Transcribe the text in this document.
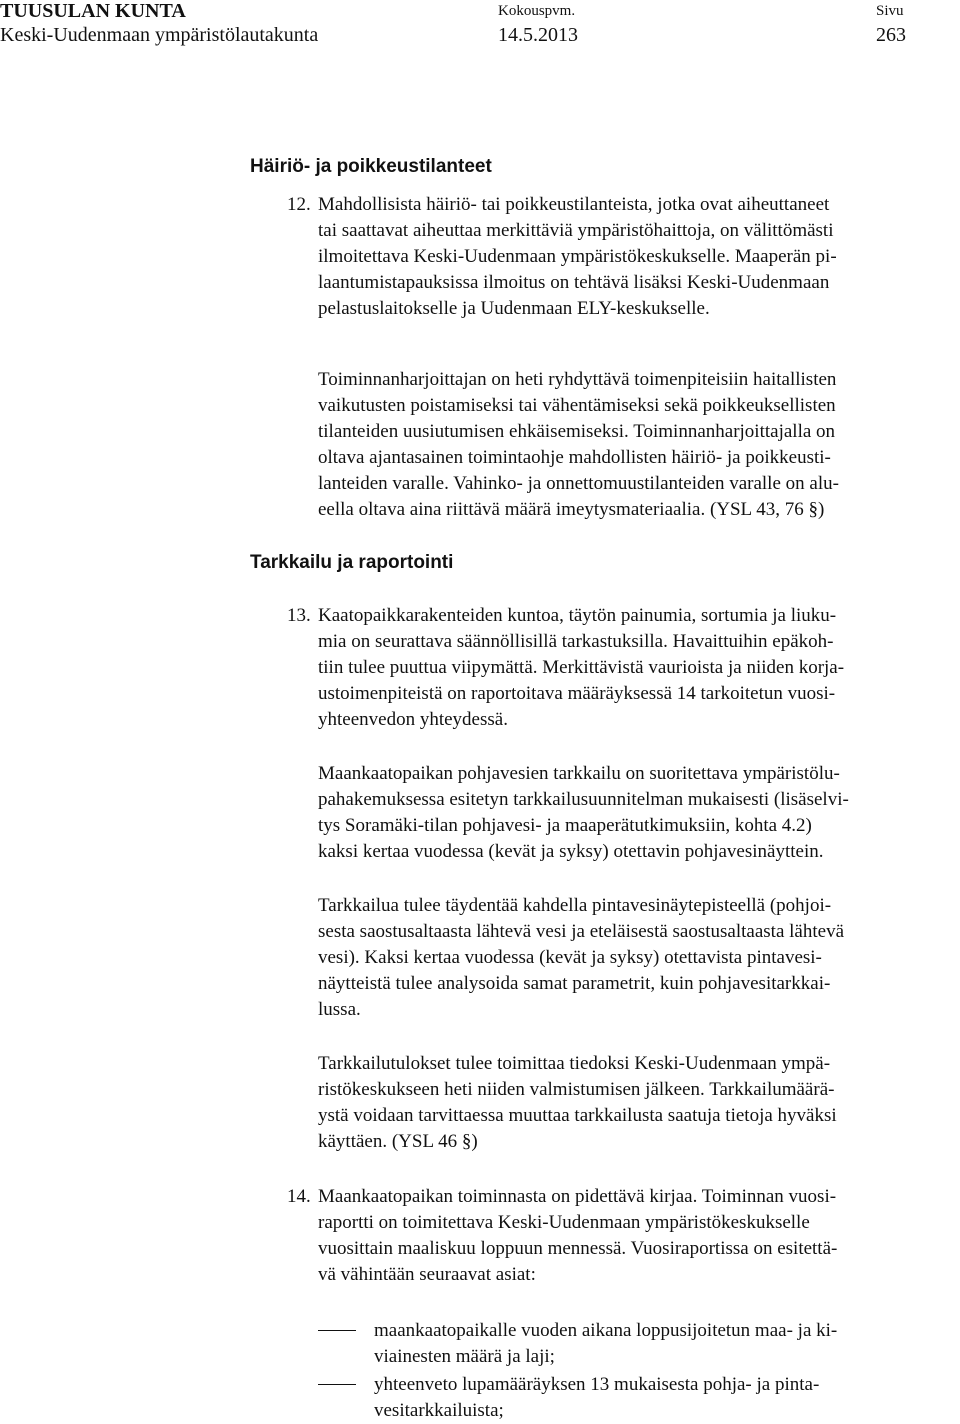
TUUSULAN KUNTA
Keski-Uudenmaan ympäristölautakunta
Kokouspvm.
14.5.2013
Sivu
263
Häiriö- ja poikkeustilanteet
12. Mahdollisista häiriö- tai poikkeustilanteista, jotka ovat aiheuttaneet
tai saattavat aiheuttaa merkittäviä ympäristöhaittoja, on välittömästi
ilmoitettava Keski-Uudenmaan ympäristökeskukselle. Maaperän pi-
laantumistapauksissa ilmoitus on tehtävä lisäksi Keski-Uudenmaan
pelastuslaitokselle ja Uudenmaan ELY-keskukselle.
Toiminnanharjoittajan on heti ryhdyttävä toimenpiteisiin haitallisten
vaikutusten poistamiseksi tai vähentämiseksi sekä poikkeuksellisten
tilanteiden uusiutumisen ehkäisemiseksi. Toiminnanharjoittajalla on
oltava ajantasainen toimintaohje mahdollisten häiriö- ja poikkeusti-
lanteiden varalle. Vahinko- ja onnettomuustilanteiden varalle on alu-
eella oltava aina riittävä määrä imeytysmateriaalia. (YSL 43, 76 §)
Tarkkailu ja raportointi
13. Kaatopaikkarakenteiden kuntoa, täytön painumia, sortumia ja liuku-
mia on seurattava säännöllisillä tarkastuksilla. Havaittuihin epäkoh-
tiin tulee puuttua viipymättä. Merkittävistä vaurioista ja niiden korja-
ustoimenpiteistä on raportoitava määräyksessä 14 tarkoitetun vuosi-
yhteenvedon yhteydessä.
Maankaatopaikan pohjavesien tarkkailu on suoritettava ympäristölu-
pahakemuksessa esitetyn tarkkailusuunnitelman mukaisesti (lisäselvi-
tys Soramäki-tilan pohjavesi- ja maaperätutkimuksiin, kohta 4.2)
kaksi kertaa vuodessa (kevät ja syksy) otettavin pohjavesinäyttein.
Tarkkailua tulee täydentää kahdella pintavesinäytepisteellä (pohjoi-
sesta saostusaltaasta lähtevä vesi ja eteläisestä saostusaltaasta lähtevä
vesi). Kaksi kertaa vuodessa (kevät ja syksy) otettavista pintavesi-
näytteistä tulee analysoida samat parametrit, kuin pohjavesitarkkai-
lussa.
Tarkkailutulokset tulee toimittaa tiedoksi Keski-Uudenmaan ympä-
ristökeskukseen heti niiden valmistumisen jälkeen. Tarkkailumäärä-
ystä voidaan tarvittaessa muuttaa tarkkailusta saatuja tietoja hyväksi
käyttäen. (YSL 46 §)
14. Maankaatopaikan toiminnasta on pidettävä kirjaa. Toiminnan vuosi-
raportti on toimitettava Keski-Uudenmaan ympäristökeskukselle
vuosittain maaliskuu loppuun mennessä. Vuosiraportissa on esitettä-
vä vähintään seuraavat asiat:
maankaatopaikalle vuoden aikana loppusijoitetun maa- ja ki-
viainesten määrä ja laji;
yhteenveto lupamääräyksen 13 mukaisesta pohja- ja pinta-
vesitarkkailuista;
